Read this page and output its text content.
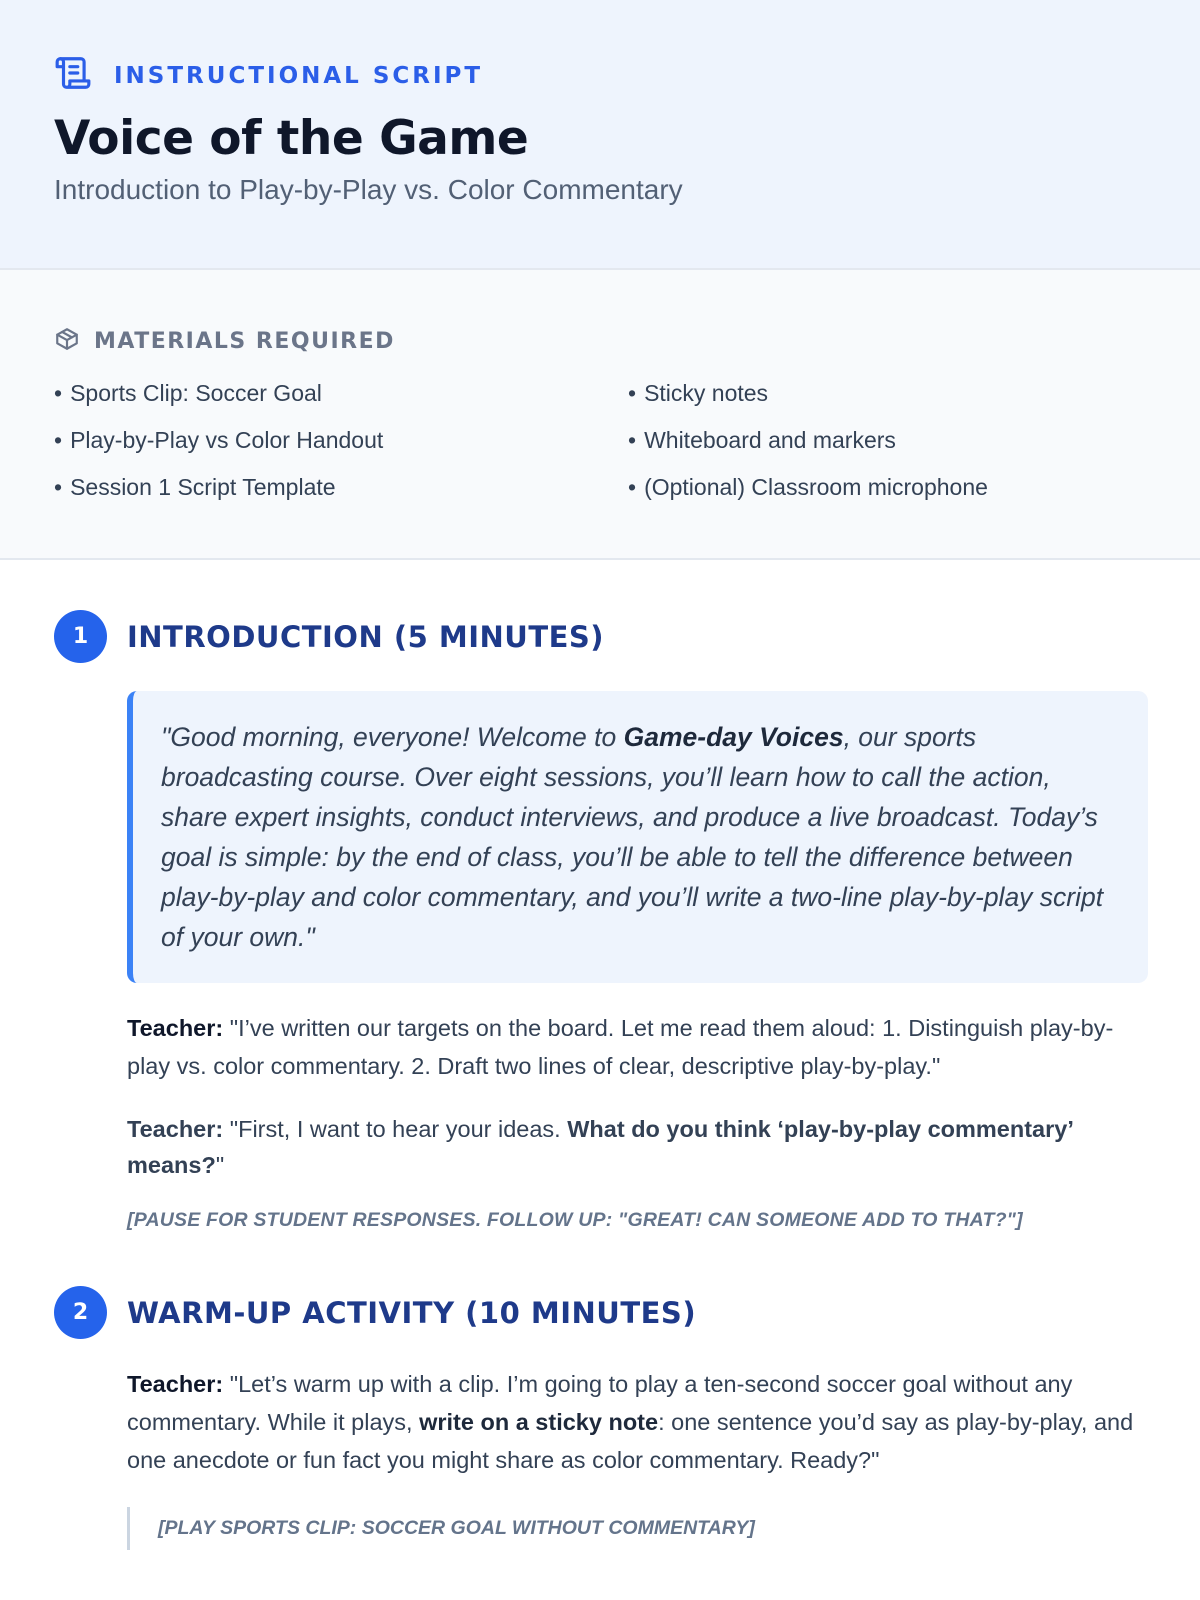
INSTRUCTIONAL SCRIPT
Voice of the Game
Introduction to Play-by-Play vs. Color Commentary
MATERIALS REQUIRED
• Sports Clip: Soccer Goal	• Sticky notes
• Play-by-Play vs Color Handout	• Whiteboard and markers
• Session 1 Script Template	• (Optional) Classroom microphone
1	INTRODUCTION (5 MINUTES)
"Good morning, everyone! Welcome to Game-day Voices, our sports broadcasting course. Over eight sessions, you’ll learn how to call the action, share expert insights, conduct interviews, and produce a live broadcast. Today’s goal is simple: by the end of class, you’ll be able to tell the difference between play-by-play and color commentary, and you’ll write a two-line play-by-play script of your own."

Teacher: "I’ve written our targets on the board. Let me read them aloud: 1. Distinguish play-by-play vs. color commentary. 2. Draft two lines of clear, descriptive play-by-play."

Teacher: "First, I want to hear your ideas. What do you think ‘play-by-play commentary’ means?"

[PAUSE FOR STUDENT RESPONSES. FOLLOW UP: "GREAT! CAN SOMEONE ADD TO THAT?"]

2	WARM-UP ACTIVITY (10 MINUTES)

Teacher: "Let’s warm up with a clip. I’m going to play a ten-second soccer goal without any commentary. While it plays, write on a sticky note: one sentence you’d say as play-by-play, and one anecdote or fun fact you might share as color commentary. Ready?"

[PLAY SPORTS CLIP: SOCCER GOAL WITHOUT COMMENTARY]
